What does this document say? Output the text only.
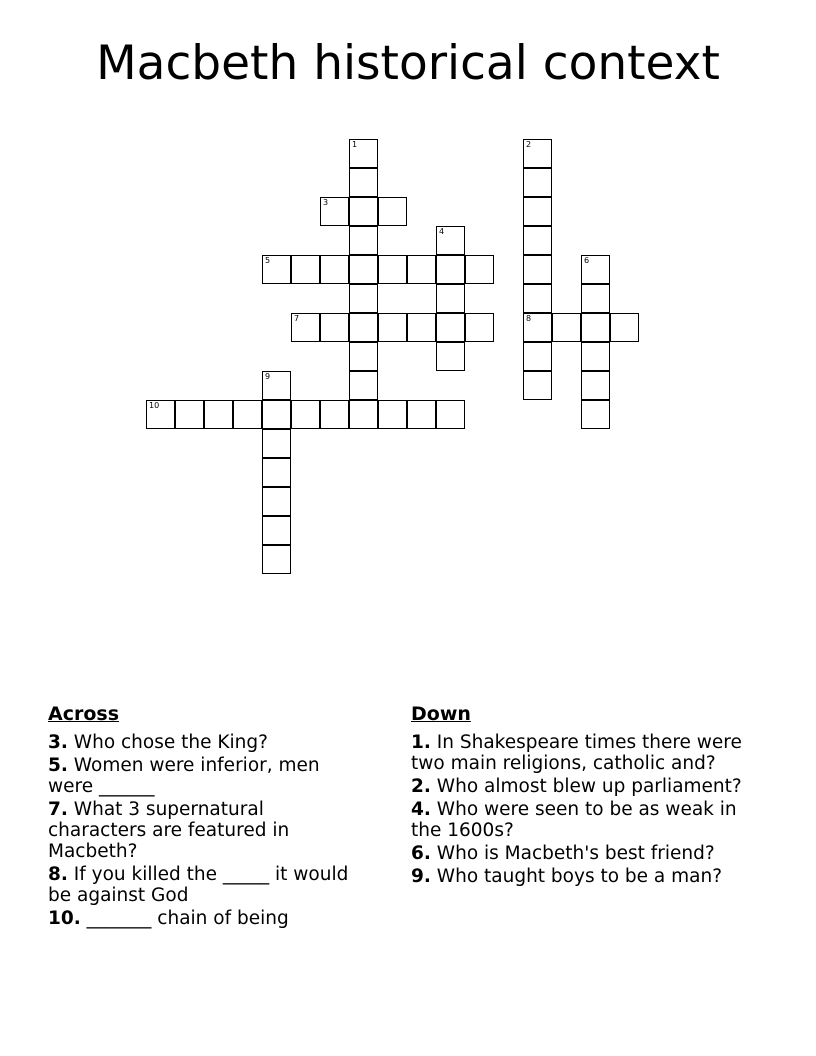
Macbeth historical context
1	2
3
4
5	6
7	8
9
10
Across
3. Who chose the King?
5. Women were inferior, men were ______
7. What 3 supernatural characters are featured in Macbeth?
8. If you killed the _____ it would be against God
10. _______ chain of being
Down
1. In Shakespeare times there were two main religions, catholic and?
2. Who almost blew up parliament?
4. Who were seen to be as weak in the 1600s?
6. Who is Macbeth's best friend?
9. Who taught boys to be a man?
